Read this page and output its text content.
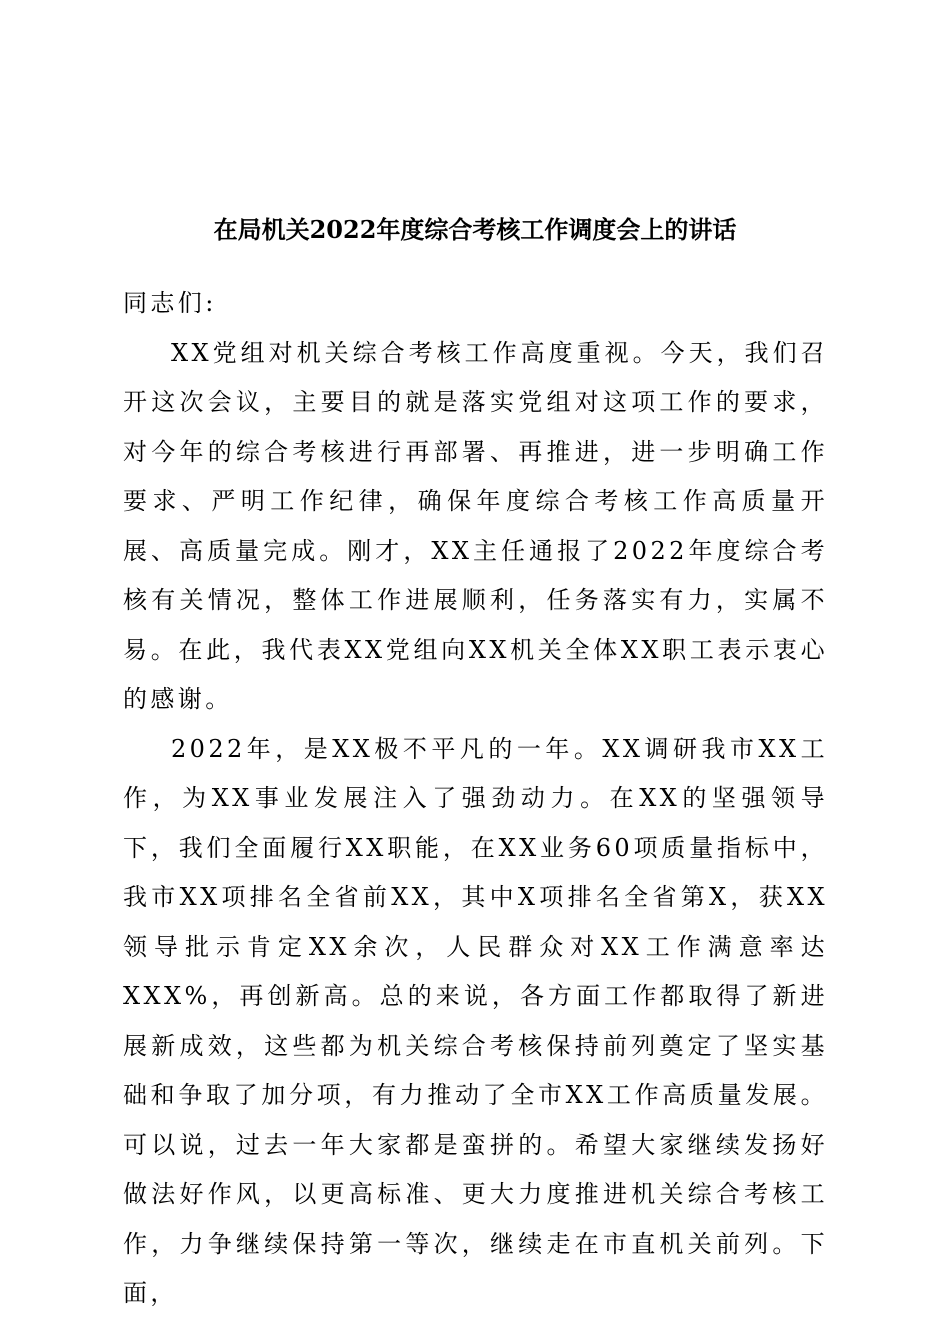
在局机关2022年度综合考核工作调度会上的讲话

同志们:

XX党组对机关综合考核工作高度重视。今天，我们召开这次会议，主要目的就是落实党组对这项工作的要求，对今年的综合考核进行再部署、再推进，进一步明确工作要求、严明工作纪律，确保年度综合考核工作高质量开展、高质量完成。刚才，XX主任通报了2022年度综合考核有关情况，整体工作进展顺利，任务落实有力，实属不易。在此，我代表XX党组向XX机关全体XX职工表示衷心的感谢。

2022年，是XX极不平凡的一年。XX调研我市XX工作，为XX事业发展注入了强劲动力。在XX的坚强领导下，我们全面履行XX职能，在XX业务60项质量指标中，我市XX项排名全省前XX，其中X项排名全省第X，获XX领导批示肯定XX余次，人民群众对XX工作满意率达XXX%，再创新高。总的来说，各方面工作都取得了新进展新成效，这些都为机关综合考核保持前列奠定了坚实基础和争取了加分项，有力推动了全市XX工作高质量发展。可以说，过去一年大家都是蛮拼的。希望大家继续发扬好做法好作风，以更高标准、更大力度推进机关综合考核工作，力争继续保持第一等次，继续走在市直机关前列。下面，
